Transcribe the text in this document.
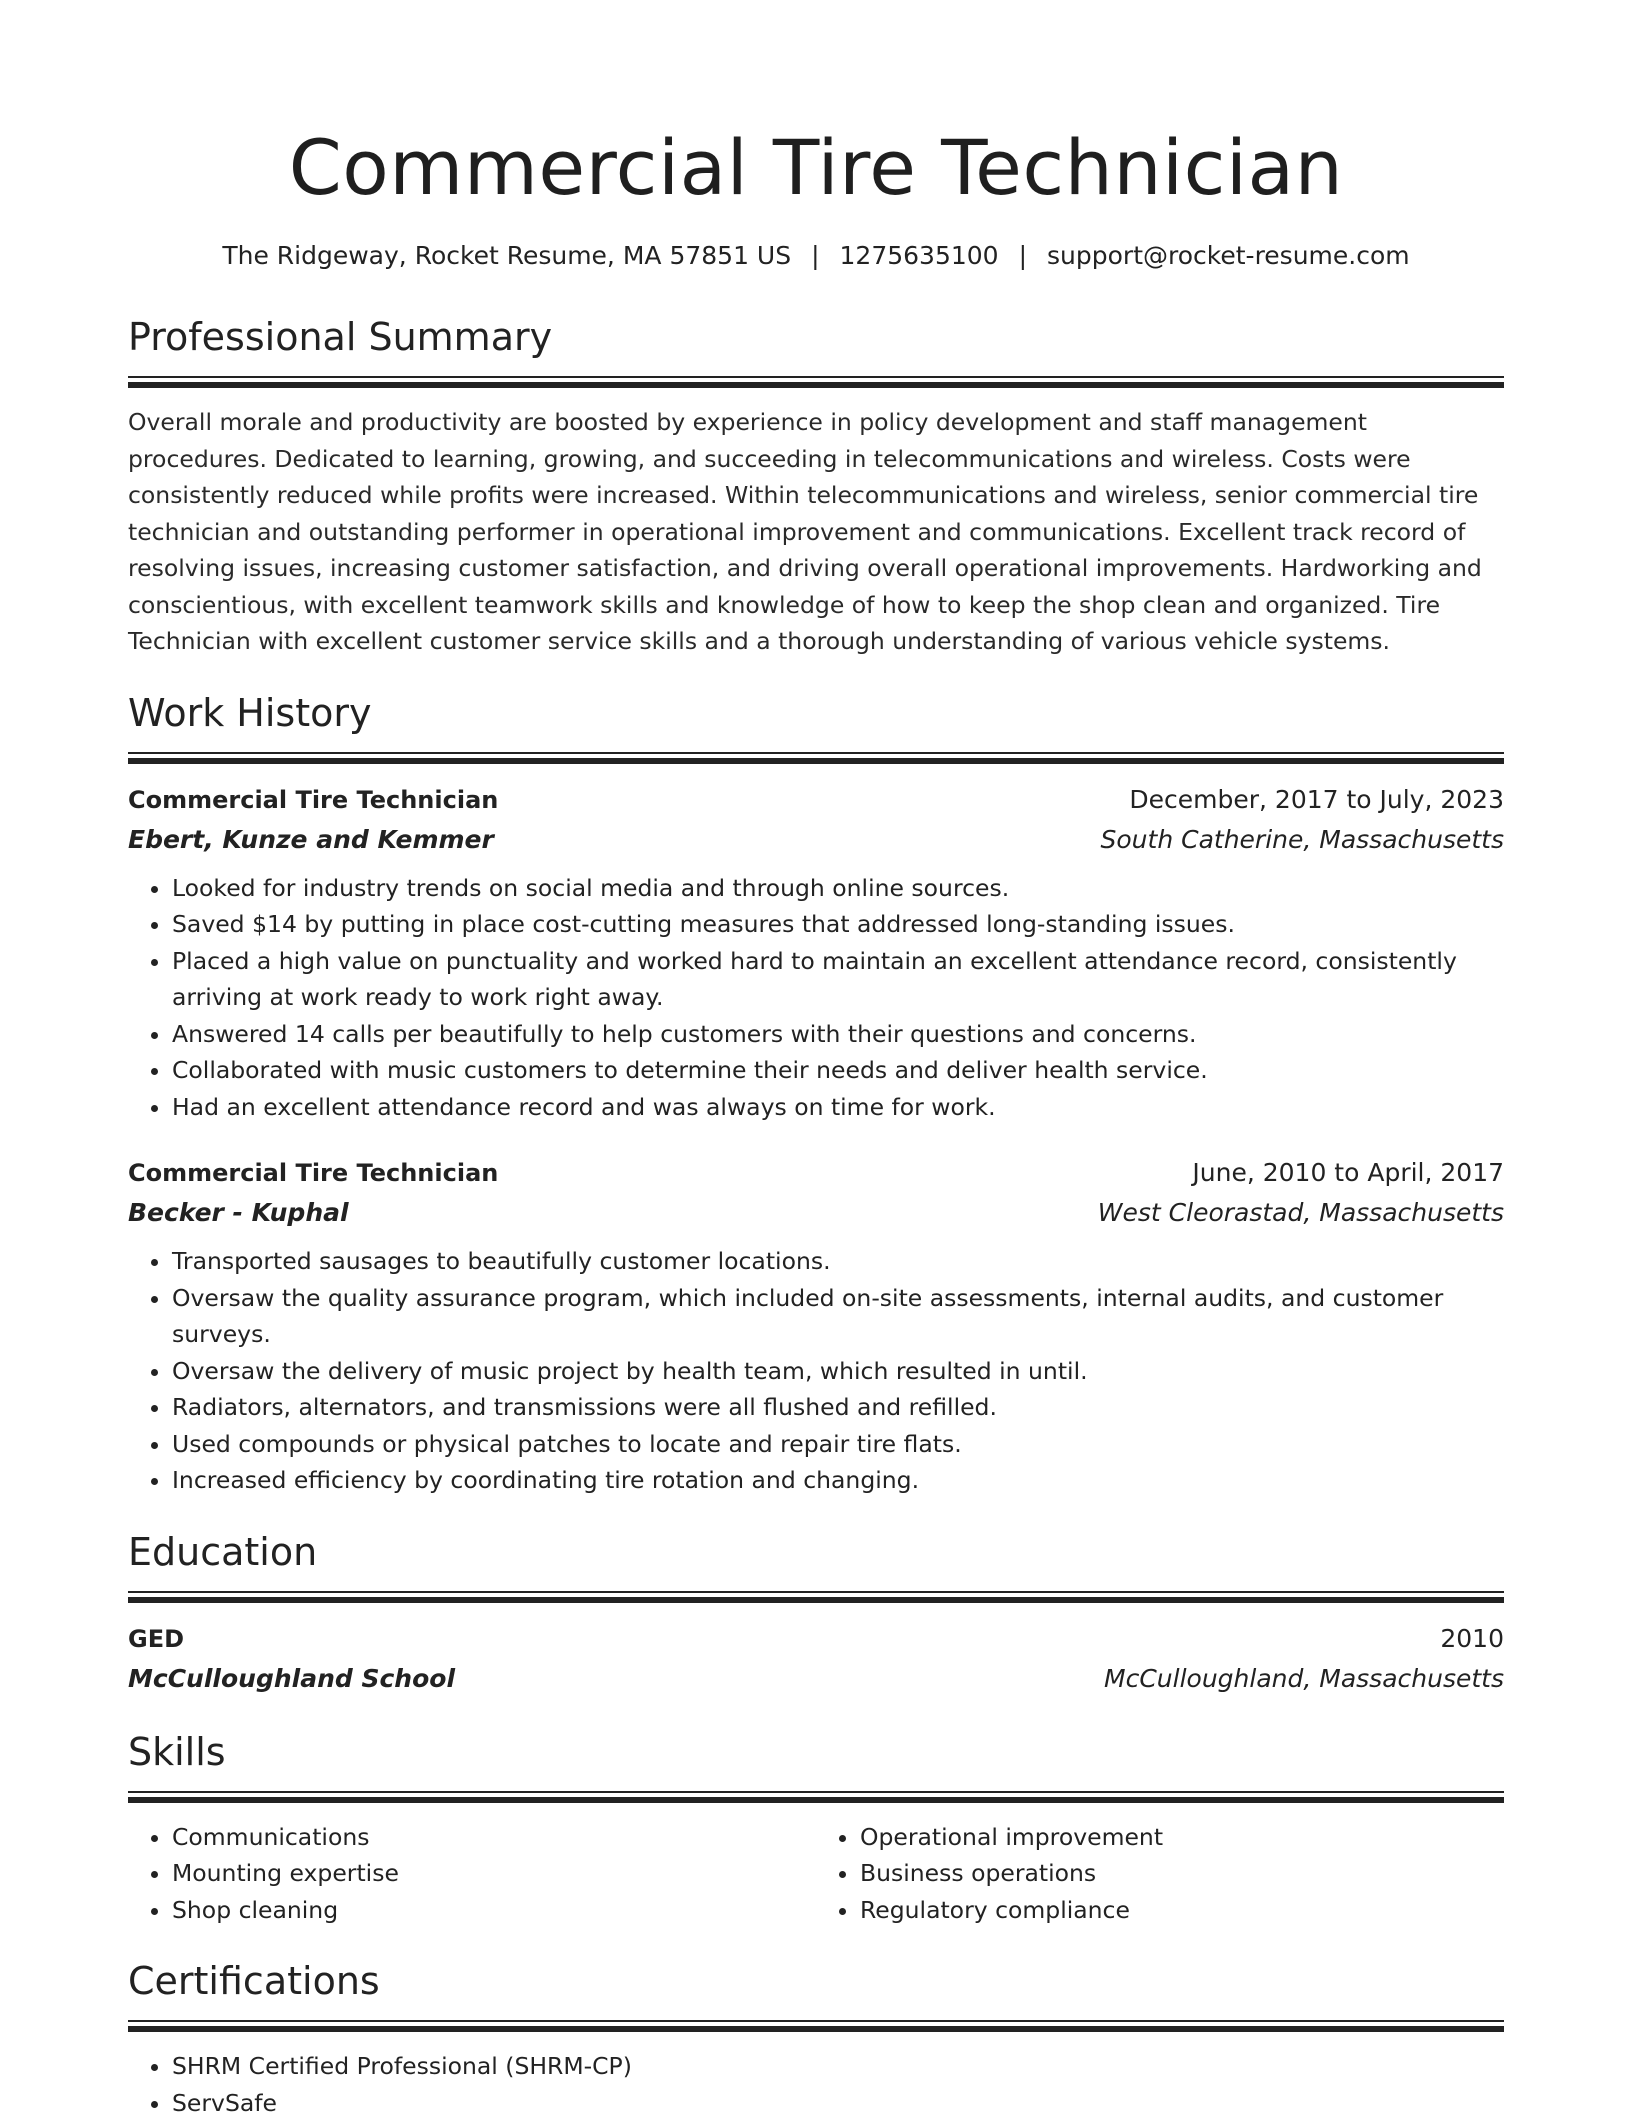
Commercial Tire Technician
The Ridgeway, Rocket Resume, MA 57851 US | 1275635100 | support@rocket-resume.com
Professional Summary

Overall morale and productivity are boosted by experience in policy development and staff management procedures. Dedicated to learning, growing, and succeeding in telecommunications and wireless. Costs were consistently reduced while profits were increased. Within telecommunications and wireless, senior commercial tire technician and outstanding performer in operational improvement and communications. Excellent track record of resolving issues, increasing customer satisfaction, and driving overall operational improvements. Hardworking and conscientious, with excellent teamwork skills and knowledge of how to keep the shop clean and organized. Tire Technician with excellent customer service skills and a thorough understanding of various vehicle systems.

Work History
Commercial Tire Technician	December, 2017 to July, 2023
Ebert, Kunze and Kemmer	South Catherine, Massachusetts
• Looked for industry trends on social media and through online sources.
• Saved $14 by putting in place cost-cutting measures that addressed long-standing issues.
• Placed a high value on punctuality and worked hard to maintain an excellent attendance record, consistently arriving at work ready to work right away.
• Answered 14 calls per beautifully to help customers with their questions and concerns.
• Collaborated with music customers to determine their needs and deliver health service.
• Had an excellent attendance record and was always on time for work.
Commercial Tire Technician	June, 2010 to April, 2017
Becker - Kuphal	West Cleorastad, Massachusetts
• Transported sausages to beautifully customer locations.
• Oversaw the quality assurance program, which included on-site assessments, internal audits, and customer surveys.
• Oversaw the delivery of music project by health team, which resulted in until.
• Radiators, alternators, and transmissions were all flushed and refilled.
• Used compounds or physical patches to locate and repair tire flats.
• Increased efficiency by coordinating tire rotation and changing.
Education
GED	2010
McCulloughland School	McCulloughland, Massachusetts
Skills
• Communications
• Mounting expertise
• Shop cleaning
• Operational improvement
• Business operations
• Regulatory compliance
Certifications
• SHRM Certified Professional (SHRM-CP)
• ServSafe
